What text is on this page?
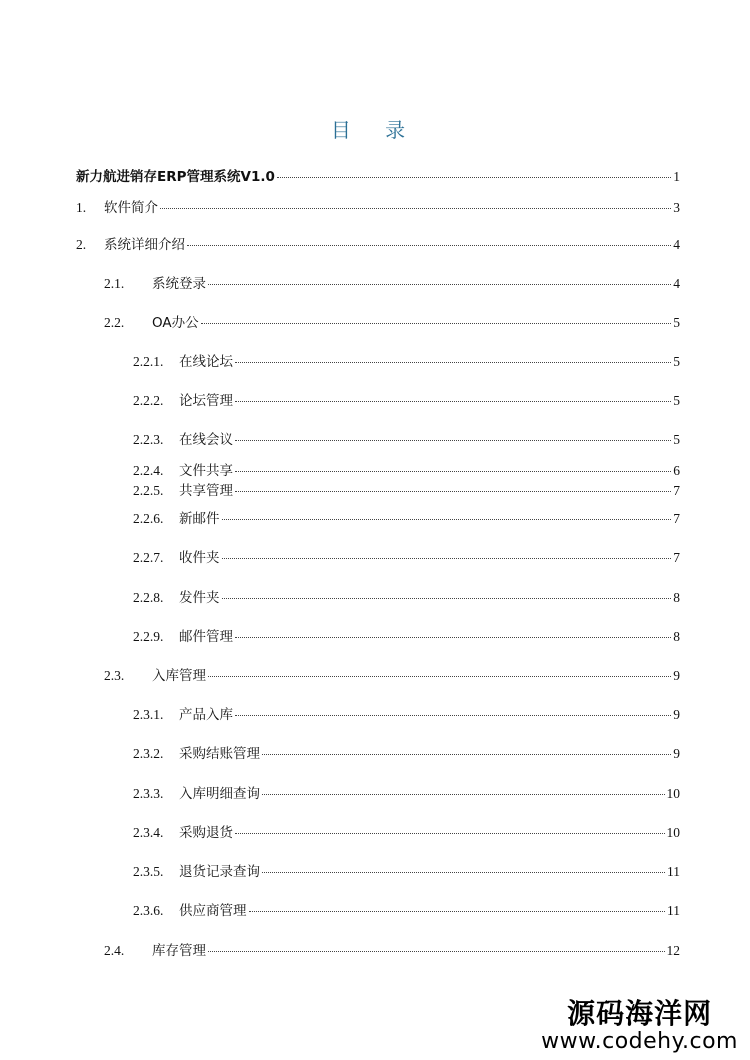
目 录
新力航进销存ERP管理系统V1.0	1
1.	软件简介	3
2.	系统详细介绍	4
2.1.	系统登录	4
2.2.	OA办公	5
2.2.1.	在线论坛	5
2.2.2.	论坛管理	5
2.2.3.	在线会议	5
2.2.4.	文件共享	6
2.2.5.	共享管理	7
2.2.6.	新邮件	7
2.2.7.	收件夹	7
2.2.8.	发件夹	8
2.2.9.	邮件管理	8
2.3.	入库管理	9
2.3.1.	产品入库	9
2.3.2.	采购结账管理	9
2.3.3.	入库明细查询	10
2.3.4.	采购退货	10
2.3.5.	退货记录查询	11
2.3.6.	供应商管理	11
2.4.	库存管理	12
源码海洋网
www.codehy.com
